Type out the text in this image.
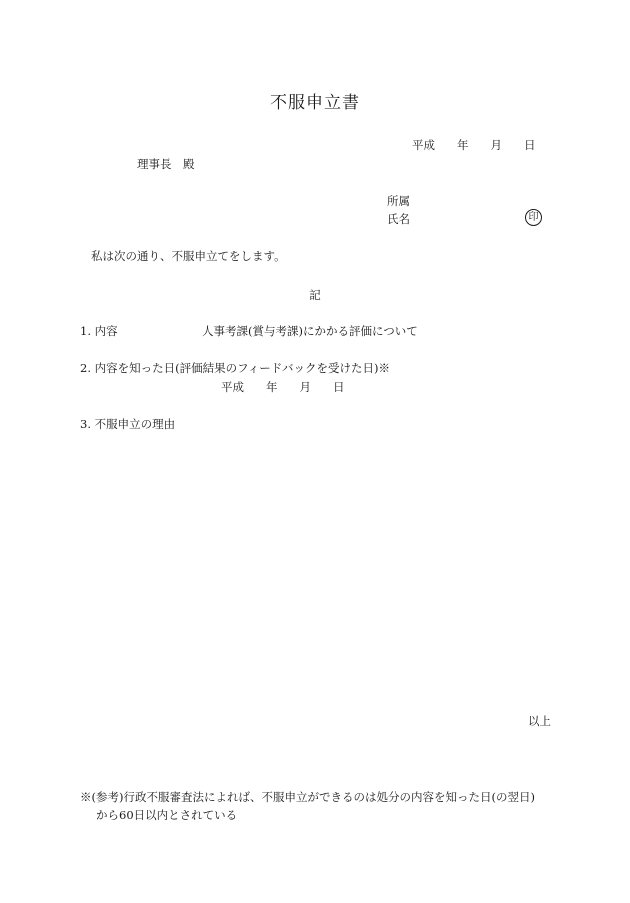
不服申立書
平成 年 月 日
理事長　殿
所属
氏名	印
私は次の通り、不服申立てをします。
記
1. 内容	人事考課(賞与考課)にかかる評価について
2. 内容を知った日(評価結果のフィードバックを受けた日)※
平成 年 月 日
3. 不服申立の理由
以上
※(参考)行政不服審査法によれば、不服申立ができるのは処分の内容を知った日(の翌日)
から60日以内とされている
